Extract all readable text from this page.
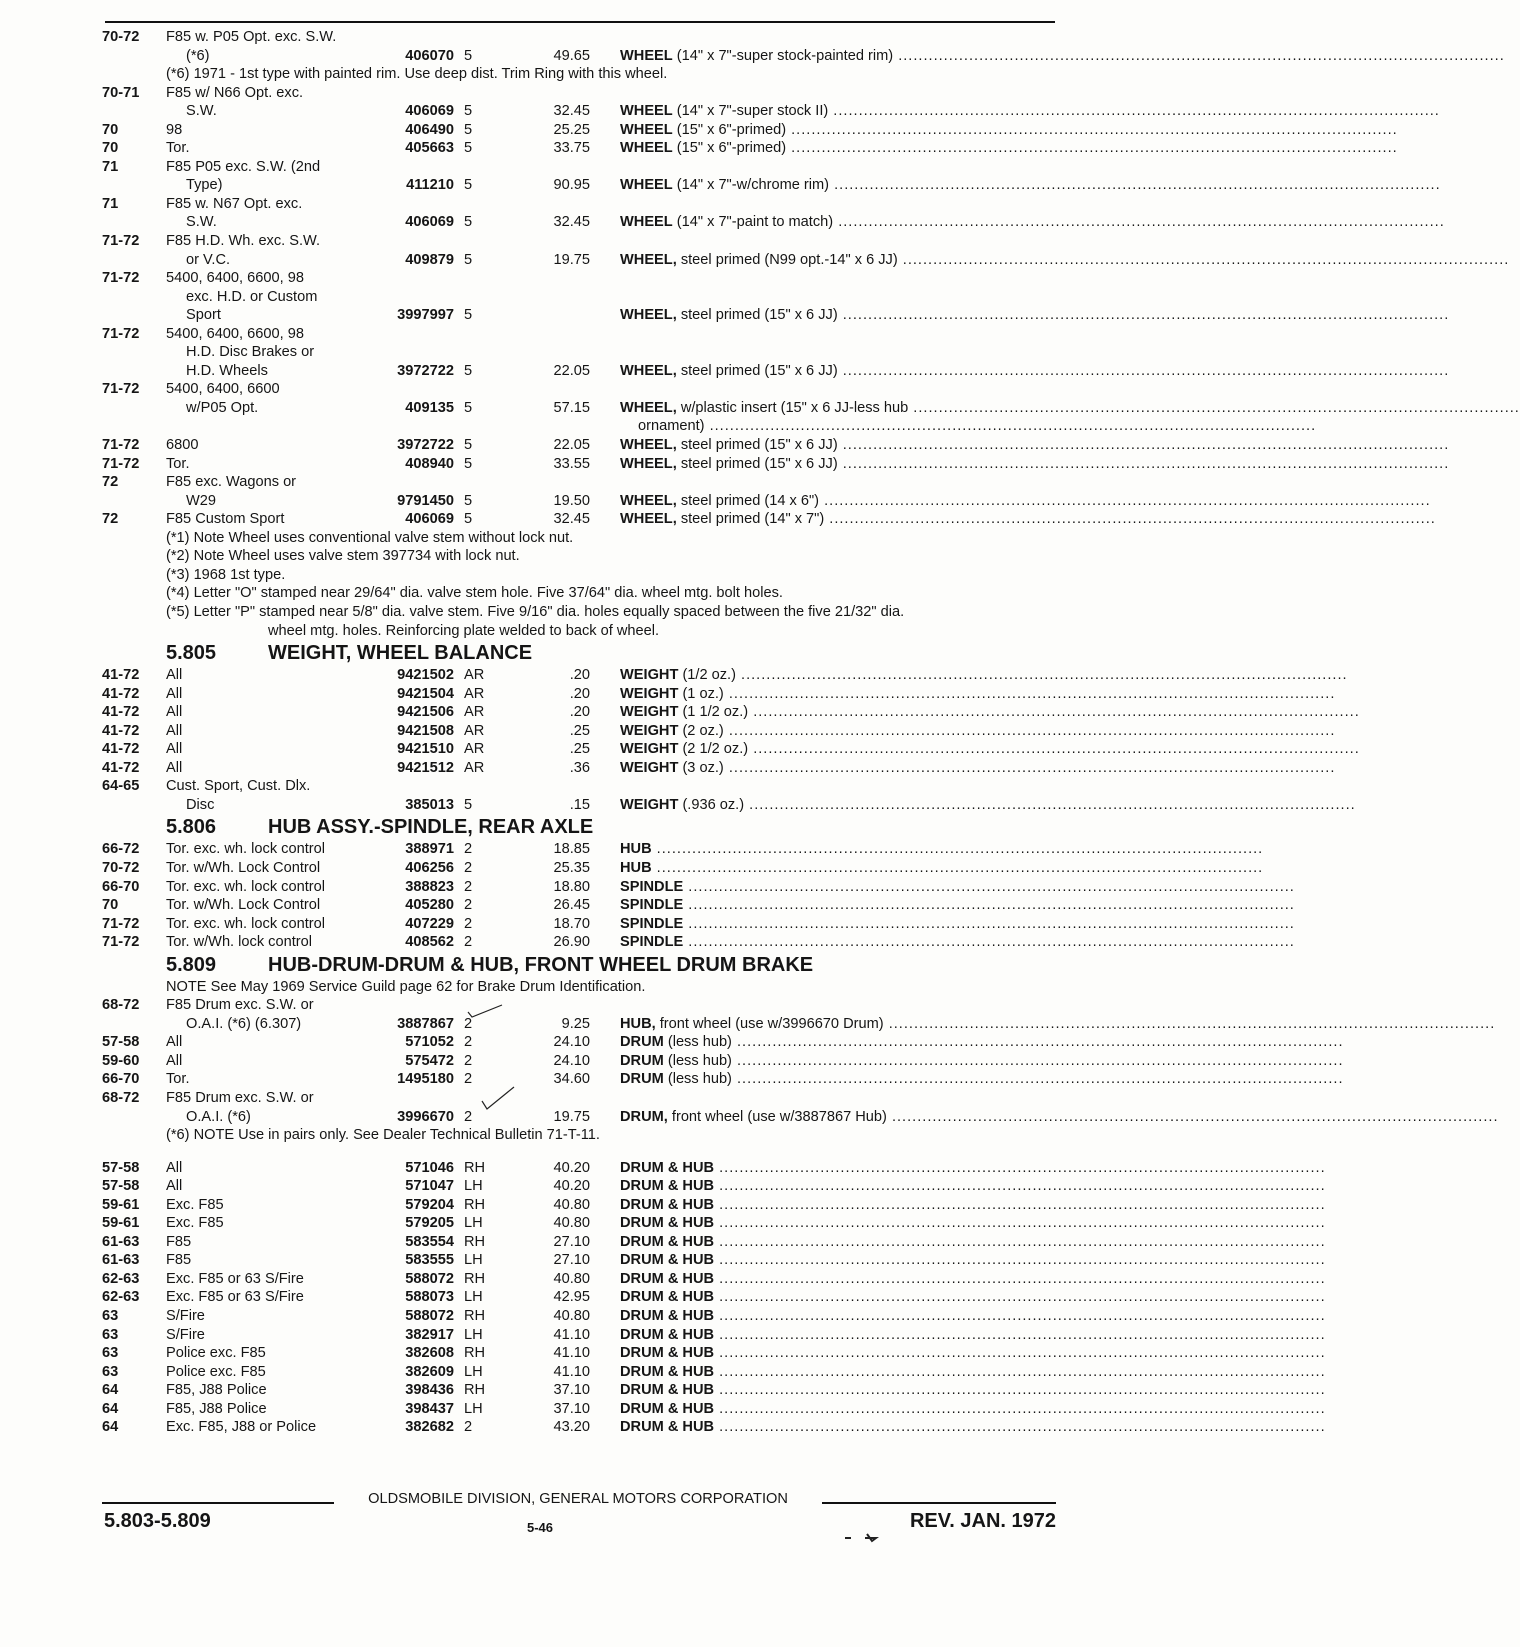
70-72	F85 w. P05 Opt. exc. S.W.
(*6)	406070 5	49.65 WHEEL (14" x 7"-super stock-painted rim) ........................................................................................................................
(*6) 1971 - 1st type with painted rim. Use deep dist. Trim Ring with this wheel.
70-71	F85 w/ N66 Opt. exc.
S.W.	406069 5	32.45 WHEEL (14" x 7"-super stock II) ........................................................................................................................
70	98	406490 5	25.25 WHEEL (15" x 6"-primed) ........................................................................................................................
70	Tor.	405663 5	33.75 WHEEL (15" x 6"-primed) ........................................................................................................................
71	F85 P05 exc. S.W. (2nd
Type)	411210 5	90.95 WHEEL (14" x 7"-w/chrome rim) ........................................................................................................................
71	F85 w. N67 Opt. exc.
S.W.	406069 5	32.45 WHEEL (14" x 7"-paint to match) ........................................................................................................................
71-72	F85 H.D. Wh. exc. S.W.
or V.C.	409879 5	19.75 WHEEL, steel primed (N99 opt.-14" x 6 JJ) ........................................................................................................................
71-72	5400, 6400, 6600, 98
exc. H.D. or Custom
Sport	3997997 5	WHEEL, steel primed (15" x 6 JJ) ........................................................................................................................
71-72	5400, 6400, 6600, 98
H.D. Disc Brakes or
H.D. Wheels	3972722 5	22.05 WHEEL, steel primed (15" x 6 JJ) ........................................................................................................................
71-72	5400, 6400, 6600
w/P05 Opt.	409135 5	57.15 WHEEL, w/plastic insert (15" x 6 JJ-less hub ........................................................................................................................
ornament) ........................................................................................................................
71-72	6800	3972722 5	22.05 WHEEL, steel primed (15" x 6 JJ) ........................................................................................................................
71-72	Tor.	408940 5	33.55 WHEEL, steel primed (15" x 6 JJ) ........................................................................................................................
72	F85 exc. Wagons or
W29	9791450 5	19.50 WHEEL, steel primed (14 x 6") ........................................................................................................................
72	F85 Custom Sport	406069 5	32.45 WHEEL, steel primed (14" x 7") ........................................................................................................................
(*1) Note Wheel uses conventional valve stem without lock nut.
(*2) Note Wheel uses valve stem 397734 with lock nut.
(*3) 1968 1st type.
(*4) Letter "O" stamped near 29/64" dia. valve stem hole. Five 37/64" dia. wheel mtg. bolt holes.
(*5) Letter "P" stamped near 5/8" dia. valve stem. Five 9/16" dia. holes equally spaced between the five 21/32" dia.
wheel mtg. holes. Reinforcing plate welded to back of wheel.
5.805	WEIGHT, WHEEL BALANCE
41-72	All	9421502 AR	.20 WEIGHT (1/2 oz.) ........................................................................................................................
41-72	All	9421504 AR	.20 WEIGHT (1 oz.) ........................................................................................................................
41-72	All	9421506 AR	.20 WEIGHT (1 1/2 oz.) ........................................................................................................................
41-72	All	9421508 AR	.25 WEIGHT (2 oz.) ........................................................................................................................
41-72	All	9421510 AR	.25 WEIGHT (2 1/2 oz.) ........................................................................................................................
41-72	All	9421512 AR	.36 WEIGHT (3 oz.) ........................................................................................................................
64-65	Cust. Sport, Cust. Dlx.
Disc	385013 5	.15 WEIGHT (.936 oz.) ........................................................................................................................
5.806	HUB ASSY.-SPINDLE, REAR AXLE
66-72	Tor. exc. wh. lock control	388971 2	18.85 HUB ........................................................................................................................
70-72	Tor. w/Wh. Lock Control	406256 2	25.35 HUB ........................................................................................................................
66-70	Tor. exc. wh. lock control	388823 2	18.80 SPINDLE ........................................................................................................................
70	Tor. w/Wh. Lock Control	405280 2	26.45 SPINDLE ........................................................................................................................
71-72	Tor. exc. wh. lock control	407229 2	18.70 SPINDLE ........................................................................................................................
71-72	Tor. w/Wh. lock control	408562 2	26.90 SPINDLE ........................................................................................................................
5.809	HUB-DRUM-DRUM & HUB, FRONT WHEEL DRUM BRAKE
NOTE See May 1969 Service Guild page 62 for Brake Drum Identification.
68-72	F85 Drum exc. S.W. or
O.A.I. (*6) (6.307)	3887867 2	9.25 HUB, front wheel (use w/3996670 Drum) ........................................................................................................................
57-58	All	571052 2	24.10 DRUM (less hub) ........................................................................................................................
59-60	All	575472 2	24.10 DRUM (less hub) ........................................................................................................................
66-70	Tor.	1495180 2	34.60 DRUM (less hub) ........................................................................................................................
68-72	F85 Drum exc. S.W. or
O.A.I. (*6)	3996670 2	19.75 DRUM, front wheel (use w/3887867 Hub) ........................................................................................................................
(*6) NOTE Use in pairs only. See Dealer Technical Bulletin 71-T-11.
57-58	All	571046 RH	40.20 DRUM & HUB ........................................................................................................................
57-58	All	571047 LH	40.20 DRUM & HUB ........................................................................................................................
59-61	Exc. F85	579204 RH	40.80 DRUM & HUB ........................................................................................................................
59-61	Exc. F85	579205 LH	40.80 DRUM & HUB ........................................................................................................................
61-63	F85	583554 RH	27.10 DRUM & HUB ........................................................................................................................
61-63	F85	583555 LH	27.10 DRUM & HUB ........................................................................................................................
62-63	Exc. F85 or 63 S/Fire	588072 RH	40.80 DRUM & HUB ........................................................................................................................
62-63	Exc. F85 or 63 S/Fire	588073 LH	42.95 DRUM & HUB ........................................................................................................................
63	S/Fire	588072 RH	40.80 DRUM & HUB ........................................................................................................................
63	S/Fire	382917 LH	41.10 DRUM & HUB ........................................................................................................................
63	Police exc. F85	382608 RH	41.10 DRUM & HUB ........................................................................................................................
63	Police exc. F85	382609 LH	41.10 DRUM & HUB ........................................................................................................................
64	F85, J88 Police	398436 RH	37.10 DRUM & HUB ........................................................................................................................
64	F85, J88 Police	398437 LH	37.10 DRUM & HUB ........................................................................................................................
64	Exc. F85, J88 or Police	382682 2	43.20 DRUM & HUB ........................................................................................................................
OLDSMOBILE DIVISION, GENERAL MOTORS CORPORATION
5.803-5.809	5-46	REV. JAN. 1972
